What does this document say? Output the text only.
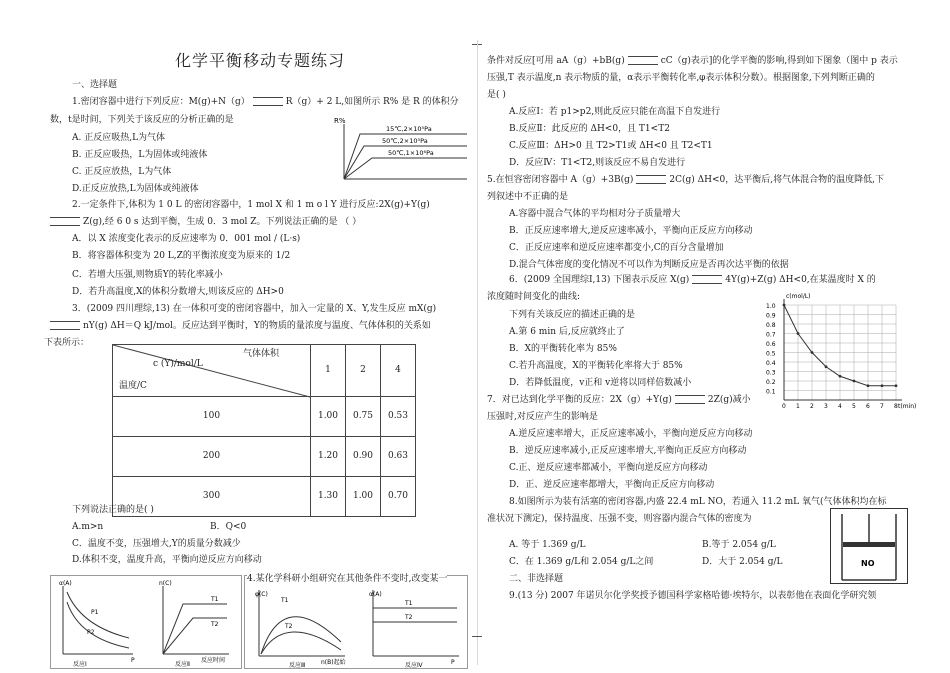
化学平衡移动专题练习

一、选择题

1.密闭容器中进行下列反应：M(g)+N（g）	R（g）+ 2 L,如图所示 R% 是 R 的体积分

数，t是时间，下列关于该反应的分析正确的是

A. 正反应吸热,L为气体

B. 正反应吸热，L为固体或纯液体

C. 正反应放热，L为气体

D.正反应放热,L为固体或纯液体

R%
15℃,2×10⁵Pa
50℃,2×10⁵Pa
50℃,1×10⁶Pa

2.一定条件下,体积为 1 0 L 的密闭容器中，1 mol X 和 1 m o l Y 进行反应:2X(g)+Y(g)

Z(g),经 6 0 s 达到平衡，生成 0．3 mol Z。下列说法正确的是 （ ）

A．以 X 浓度变化表示的反应速率为 0．001 mol / (L·s)

B．将容器体积变为 20 L,Z的平衡浓度变为原来的 1/2

C．若增大压强,则物质Y的转化率减小

D．若升高温度,X的体积分数增大,则该反应的 ΔH>0

3．(2009 四川理综,13) 在一体积可变的密闭容器中，加入一定量的 X、Y,发生反应 mX(g)

nY(g) ΔH＝Q kJ/mol。反应达到平衡时，Y的物质的量浓度与温度、气体体积的关系如

下表所示：

气体体积
c (Y)/mol/L
温度/C	1	2	4
100	1.00	0.75	0.53
200	1.20	0.90	0.63
300	1.30	1.00	0.70

下列说法正确的是( )

A.m>n	B．Q<0

C．温度不变，压强增大,Y的质量分数减少

D.体积不变，温度升高，平衡向逆反应方向移动

α(A)
P1
P2
P
反应Ⅰ
n(C)
T1
T2
反应时间
反应Ⅱ

4.某化学科研小组研究在其他条件不变时,改变某一

φ(C)
T1
T2
n(B)起始
反应Ⅲ
α(A)
T1
T2
P
反应Ⅳ

条件对反应[可用 aA（g）+bB(g)	cC（g)表示]的化学平衡的影响,得到如下图象（图中 p 表示

压强,T 表示温度,n 表示物质的量，α表示平衡转化率,φ表示体积分数）。根据图象,下列判断正确的

是( )

A.反应Ⅰ：若 p1>p2,则此反应只能在高温下自发进行

B.反应Ⅱ：此反应的 ΔH<0，且 T1<T2

C.反应Ⅲ：ΔH>0 且 T2>T1或 ΔH<0 且 T2<T1

D．反应Ⅳ：T1<T2,则该反应不易自发进行

5.在恒容密闭容器中 A（g）+3B(g)	2C(g) ΔH<0，达平衡后,将气体混合物的温度降低,下

列叙述中不正确的是

A.容器中混合气体的平均相对分子质量增大

B．正反应速率增大,逆反应速率减小，平衡向正反应方向移动

C．正反应速率和逆反应速率都变小,C的百分含量增加

D.混合气体密度的变化情况不可以作为判断反应是否再次达平衡的依据

6．(2009 全国理综Ⅰ,13) 下图表示反应 X(g)	4Y(g)+Z(g) ΔH<0,在某温度时 X 的

浓度随时间变化的曲线:

下列有关该反应的描述正确的是

A.第 6 min 后,反应就终止了

B．X的平衡转化率为 85%

C.若升高温度，X的平衡转化率将大于 85%

D．若降低温度，v正和 v逆将以同样倍数减小

7．对已达到化学平衡的反应：2X（g）+Y(g)	2Z(g)减小

压强时,对反应产生的影响是

A.逆反应速率增大，正反应速率减小，平衡向逆反应方向移动

B．逆反应速率减小,正反应速率增大,平衡向正反应方向移动

C.正、逆反应速率都减小，平衡向逆反应方向移动

D．正、逆反应速率都增大，平衡向正反应方向移动

8.如图所示为装有活塞的密闭容器,内盛 22.4 mL NO，若通入 11.2 mL 氧气(气体体积均在标

准状况下测定)，保持温度、压强不变，则容器内混合气体的密度为

A. 等于 1.369 g/L	B.等于 2.054 g/L

C．在 1.369 g/L和 2.054 g/L之间	D．大于 2.054 g/L

二、非选择题

9.(13 分) 2007 年诺贝尔化学奖授予德国科学家格哈德·埃特尔，以表彰他在表面化学研究领

c(mol/L)
t(min)
1.0
0.9
0.8
0.7
0.6
0.5
0.4
0.3
0.2
0.1
0 1 2 3 4 5 6 7 8
NO
